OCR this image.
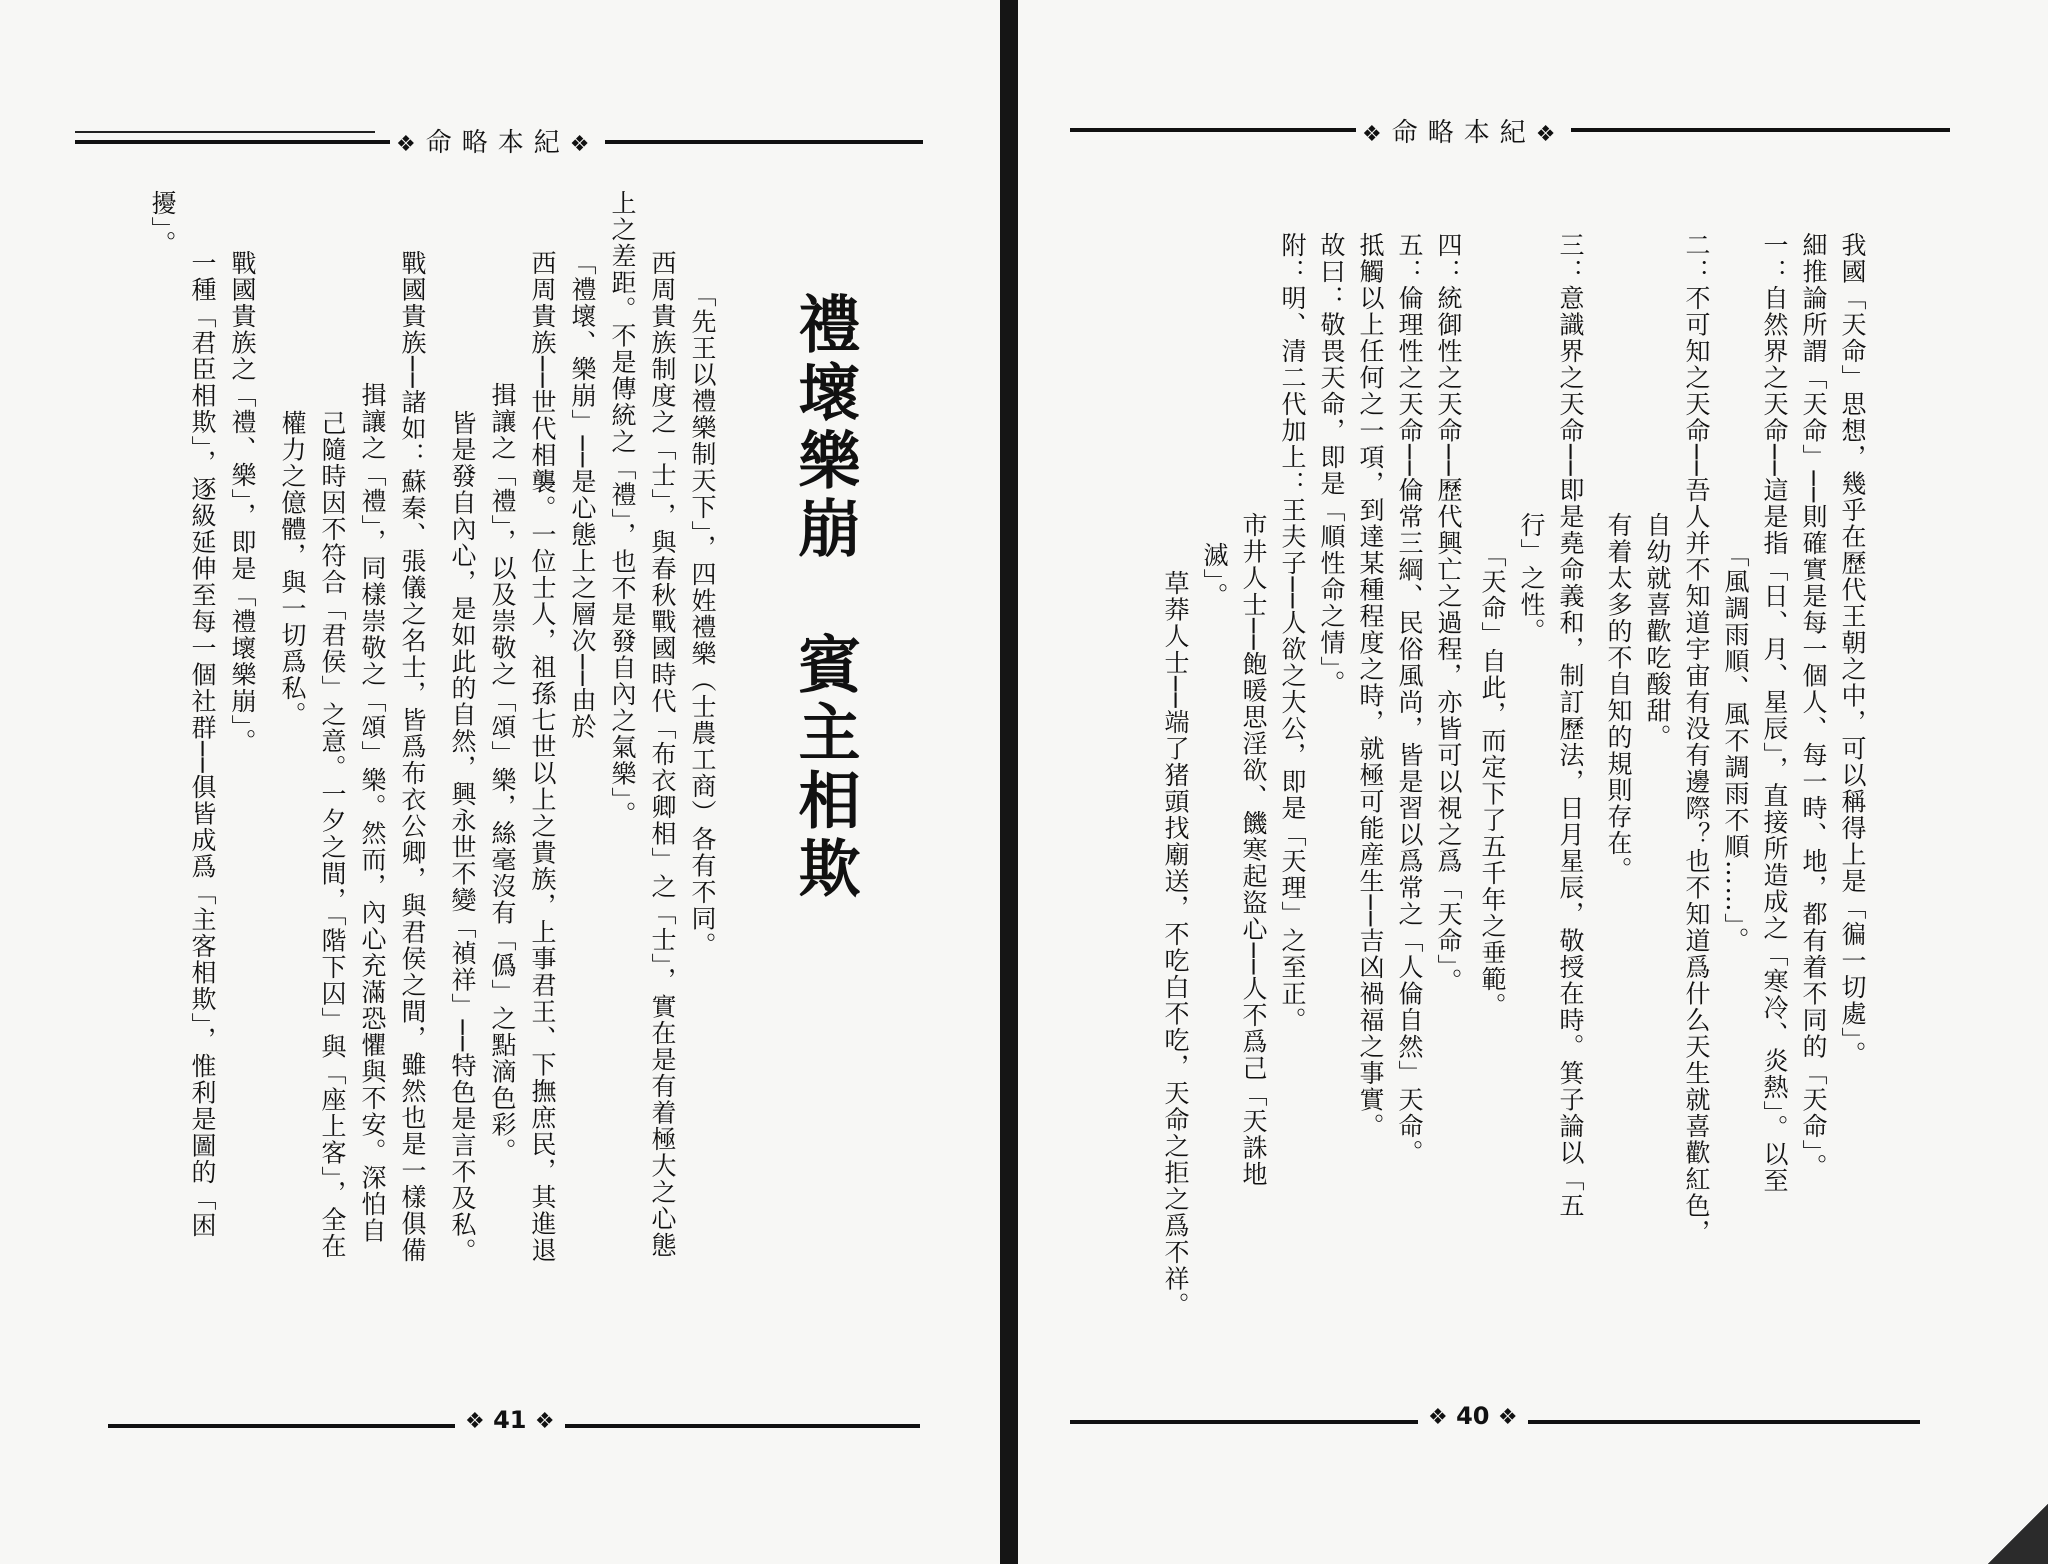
❖命略本紀❖
禮壞樂崩　賓主相欺
「先王以禮樂制天下」，四姓禮樂（士農工商）各有不同。
西周貴族制度之「士」，與春秋戰國時代「布衣卿相」之「士」，實在是有着極大之心態
上之差距。不是傳統之「禮」，也不是發自內之氣樂」。
「禮壞、樂崩」──是心態上之層次──由於
西周貴族──世代相襲。一位士人，祖孫七世以上之貴族，上事君王、下撫庶民，其進退
揖讓之「禮」，以及崇敬之「頌」樂，絲毫沒有「僞」之點滴色彩。
皆是發自內心，是如此的自然，興永世不變「禎祥」──特色是言不及私。
戰國貴族──諸如：蘇秦、張儀之名士，皆爲布衣公卿，與君侯之間，雖然也是一樣俱備
揖讓之「禮」，同樣崇敬之「頌」樂。然而，內心充滿恐懼與不安。深怕自
己隨時因不符合「君侯」之意。一夕之間，「階下囚」與「座上客」，全在
權力之億體，與一切爲私。
戰國貴族之「禮、樂」，即是「禮壞樂崩」。
一種「君臣相欺」，逐級延伸至每一個社群──俱皆成爲「主客相欺」，惟利是圖的「困
擾」。
❖ 41 ❖
❖命略本紀❖
我國「天命」思想，幾乎在歷代王朝之中，可以稱得上是「徧一切處」。
細推論所謂「天命」──則確實是每一個人、每一時、地，都有着不同的「天命」。
一：自然界之天命──這是指「日、月、星辰」，直接所造成之「寒冷、炎熱」。以至
「風調雨順、風不調雨不順……」。
二：不可知之天命──吾人并不知道宇宙有没有邊際？也不知道爲什么天生就喜歡紅色，
自幼就喜歡吃酸甜。
有着太多的不自知的規則存在。
三：意識界之天命──即是堯命義和，制訂歷法，日月星辰，敬授在時。箕子論以「五
行」之性。
「天命」自此，而定下了五千年之垂範。
四：統御性之天命──歷代興亡之過程，亦皆可以視之爲「天命」。
五：倫理性之天命──倫常三綱、民俗風尚，皆是習以爲常之「人倫自然」天命。
抵觸以上任何之一項，到達某種程度之時，就極可能産生──吉凶禍福之事實。
故曰：敬畏天命，即是「順性命之情」。
附：明、清二代加上：王夫子──人欲之大公，即是「天理」之至正。
市井人士──飽暖思淫欲、饑寒起盜心──人不爲己「天誅地
滅」。
草莽人士──端了猪頭找廟送，不吃白不吃，天命之拒之爲不祥。
❖ 40 ❖
